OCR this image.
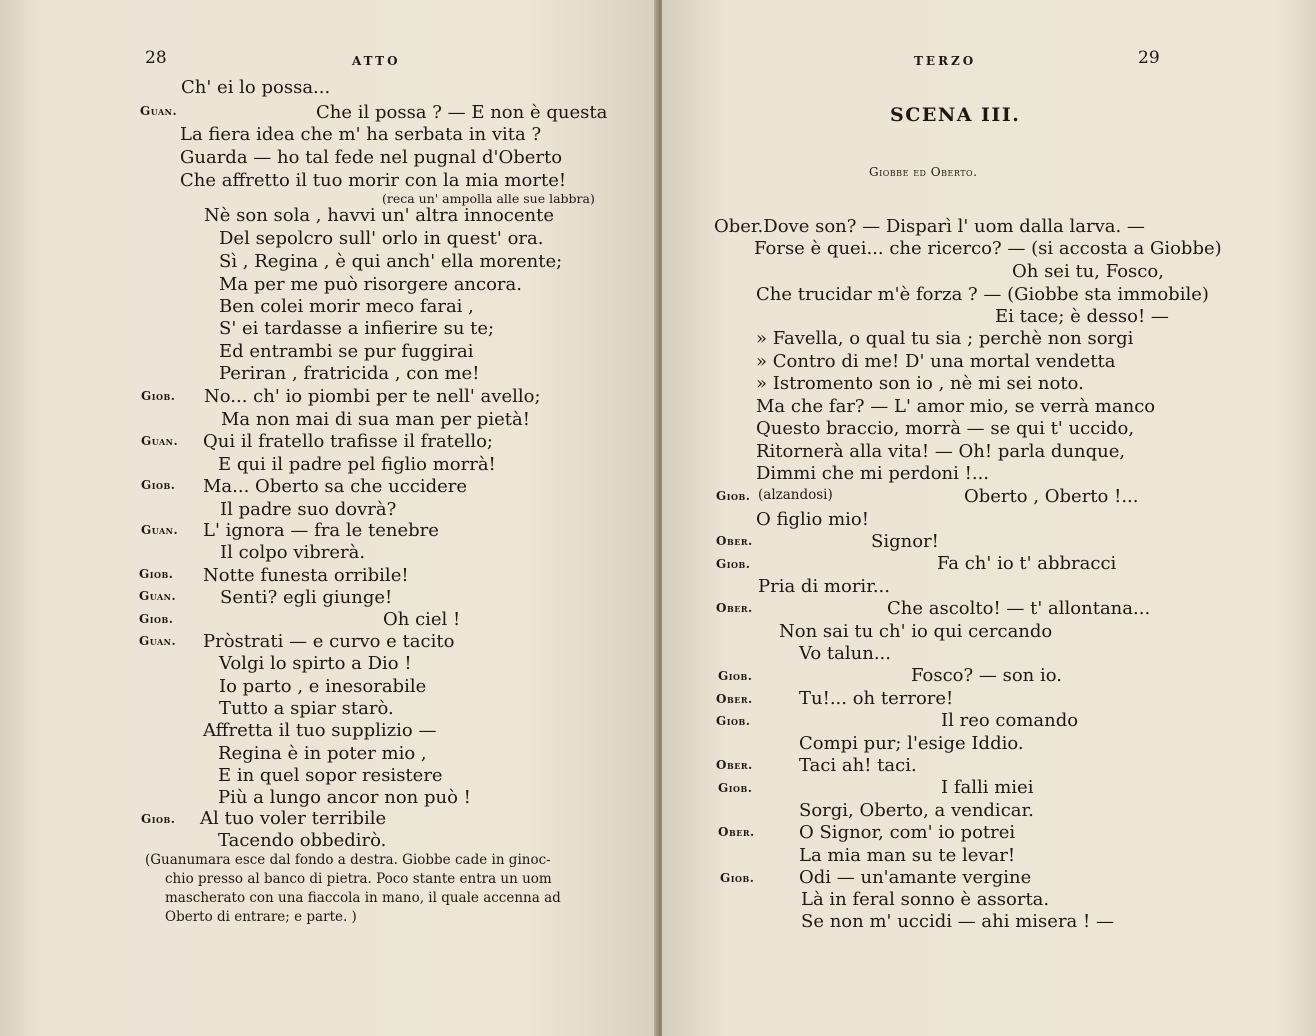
28	ATTO
Ch' ei lo possa...
Guan.	Che il possa ? — E non è questa
La fiera idea che m' ha serbata in vita ?
Guarda — ho tal fede nel pugnal d'Oberto
Che affretto il tuo morir con la mia morte!
(reca un' ampolla alle sue labbra)
Nè son sola , havvi un' altra innocente
Del sepolcro sull' orlo in quest' ora.
Sì , Regina , è qui anch' ella morente;
Ma per me può risorgere ancora.
Ben colei morir meco farai ,
S' ei tardasse a infierire su te;
Ed entrambi se pur fuggirai
Periran , fratricida , con me!
Giob. No... ch' io piombi per te nell' avello;
Ma non mai di sua man per pietà!
Guan. Qui il fratello trafisse il fratello;
E qui il padre pel figlio morrà!
Giob. Ma... Oberto sa che uccidere
Il padre suo dovrà?
Guan. L' ignora — fra le tenebre
Il colpo vibrerà.
Giob. Notte funesta orribile!
Guan. Senti? egli giunge!
Giob.	Oh ciel !
Guan. Pròstrati — e curvo e tacito
Volgi lo spirto a Dio !
Io parto , e inesorabile
Tutto a spiar starò.
Affretta il tuo supplizio —
Regina è in poter mio ,
E in quel sopor resistere
Più a lungo ancor non può !
Giob. Al tuo voler terribile
Tacendo obbedirò.
(Guanumara esce dal fondo a destra. Giobbe cade in ginoc-
chio presso al banco di pietra. Poco stante entra un uom
mascherato con una fiaccola in mano, il quale accenna ad
Oberto di entrare; e parte. )
TERZO	29
SCENA III.
Giobbe ed Oberto.
Ober.Dove son? — Disparì l' uom dalla larva. —
Forse è quei... che ricerco? — (si accosta a Giobbe)
Oh sei tu, Fosco,
Che trucidar m'è forza ? — (Giobbe sta immobile)
Ei tace; è desso! —
» Favella, o qual tu sia ; perchè non sorgi
» Contro di me! D' una mortal vendetta
» Istromento son io , nè mi sei noto.
Ma che far? — L' amor mio, se verrà manco
Questo braccio, morrà — se qui t' uccido,
Ritornerà alla vita! — Oh! parla dunque,
Dimmi che mi perdoni !...
Giob. (alzandosi)	Oberto , Oberto !...
O figlio mio!
Ober.	Signor!
Giob.	Fa ch' io t' abbracci
Pria di morir...
Ober.	Che ascolto! — t' allontana...
Non sai tu ch' io qui cercando
Vo talun...
Giob.	Fosco? — son io.
Ober.	Tu!... oh terrore!
Giob.	Il reo comando
Compi pur; l'esige Iddio.
Ober.	Taci ah! taci.
Giob.	I falli miei
Sorgi, Oberto, a vendicar.
Ober. O Signor, com' io potrei
La mia man su te levar!
Giob. Odi — un'amante vergine
Là in feral sonno è assorta.
Se non m' uccidi — ahi misera ! —
